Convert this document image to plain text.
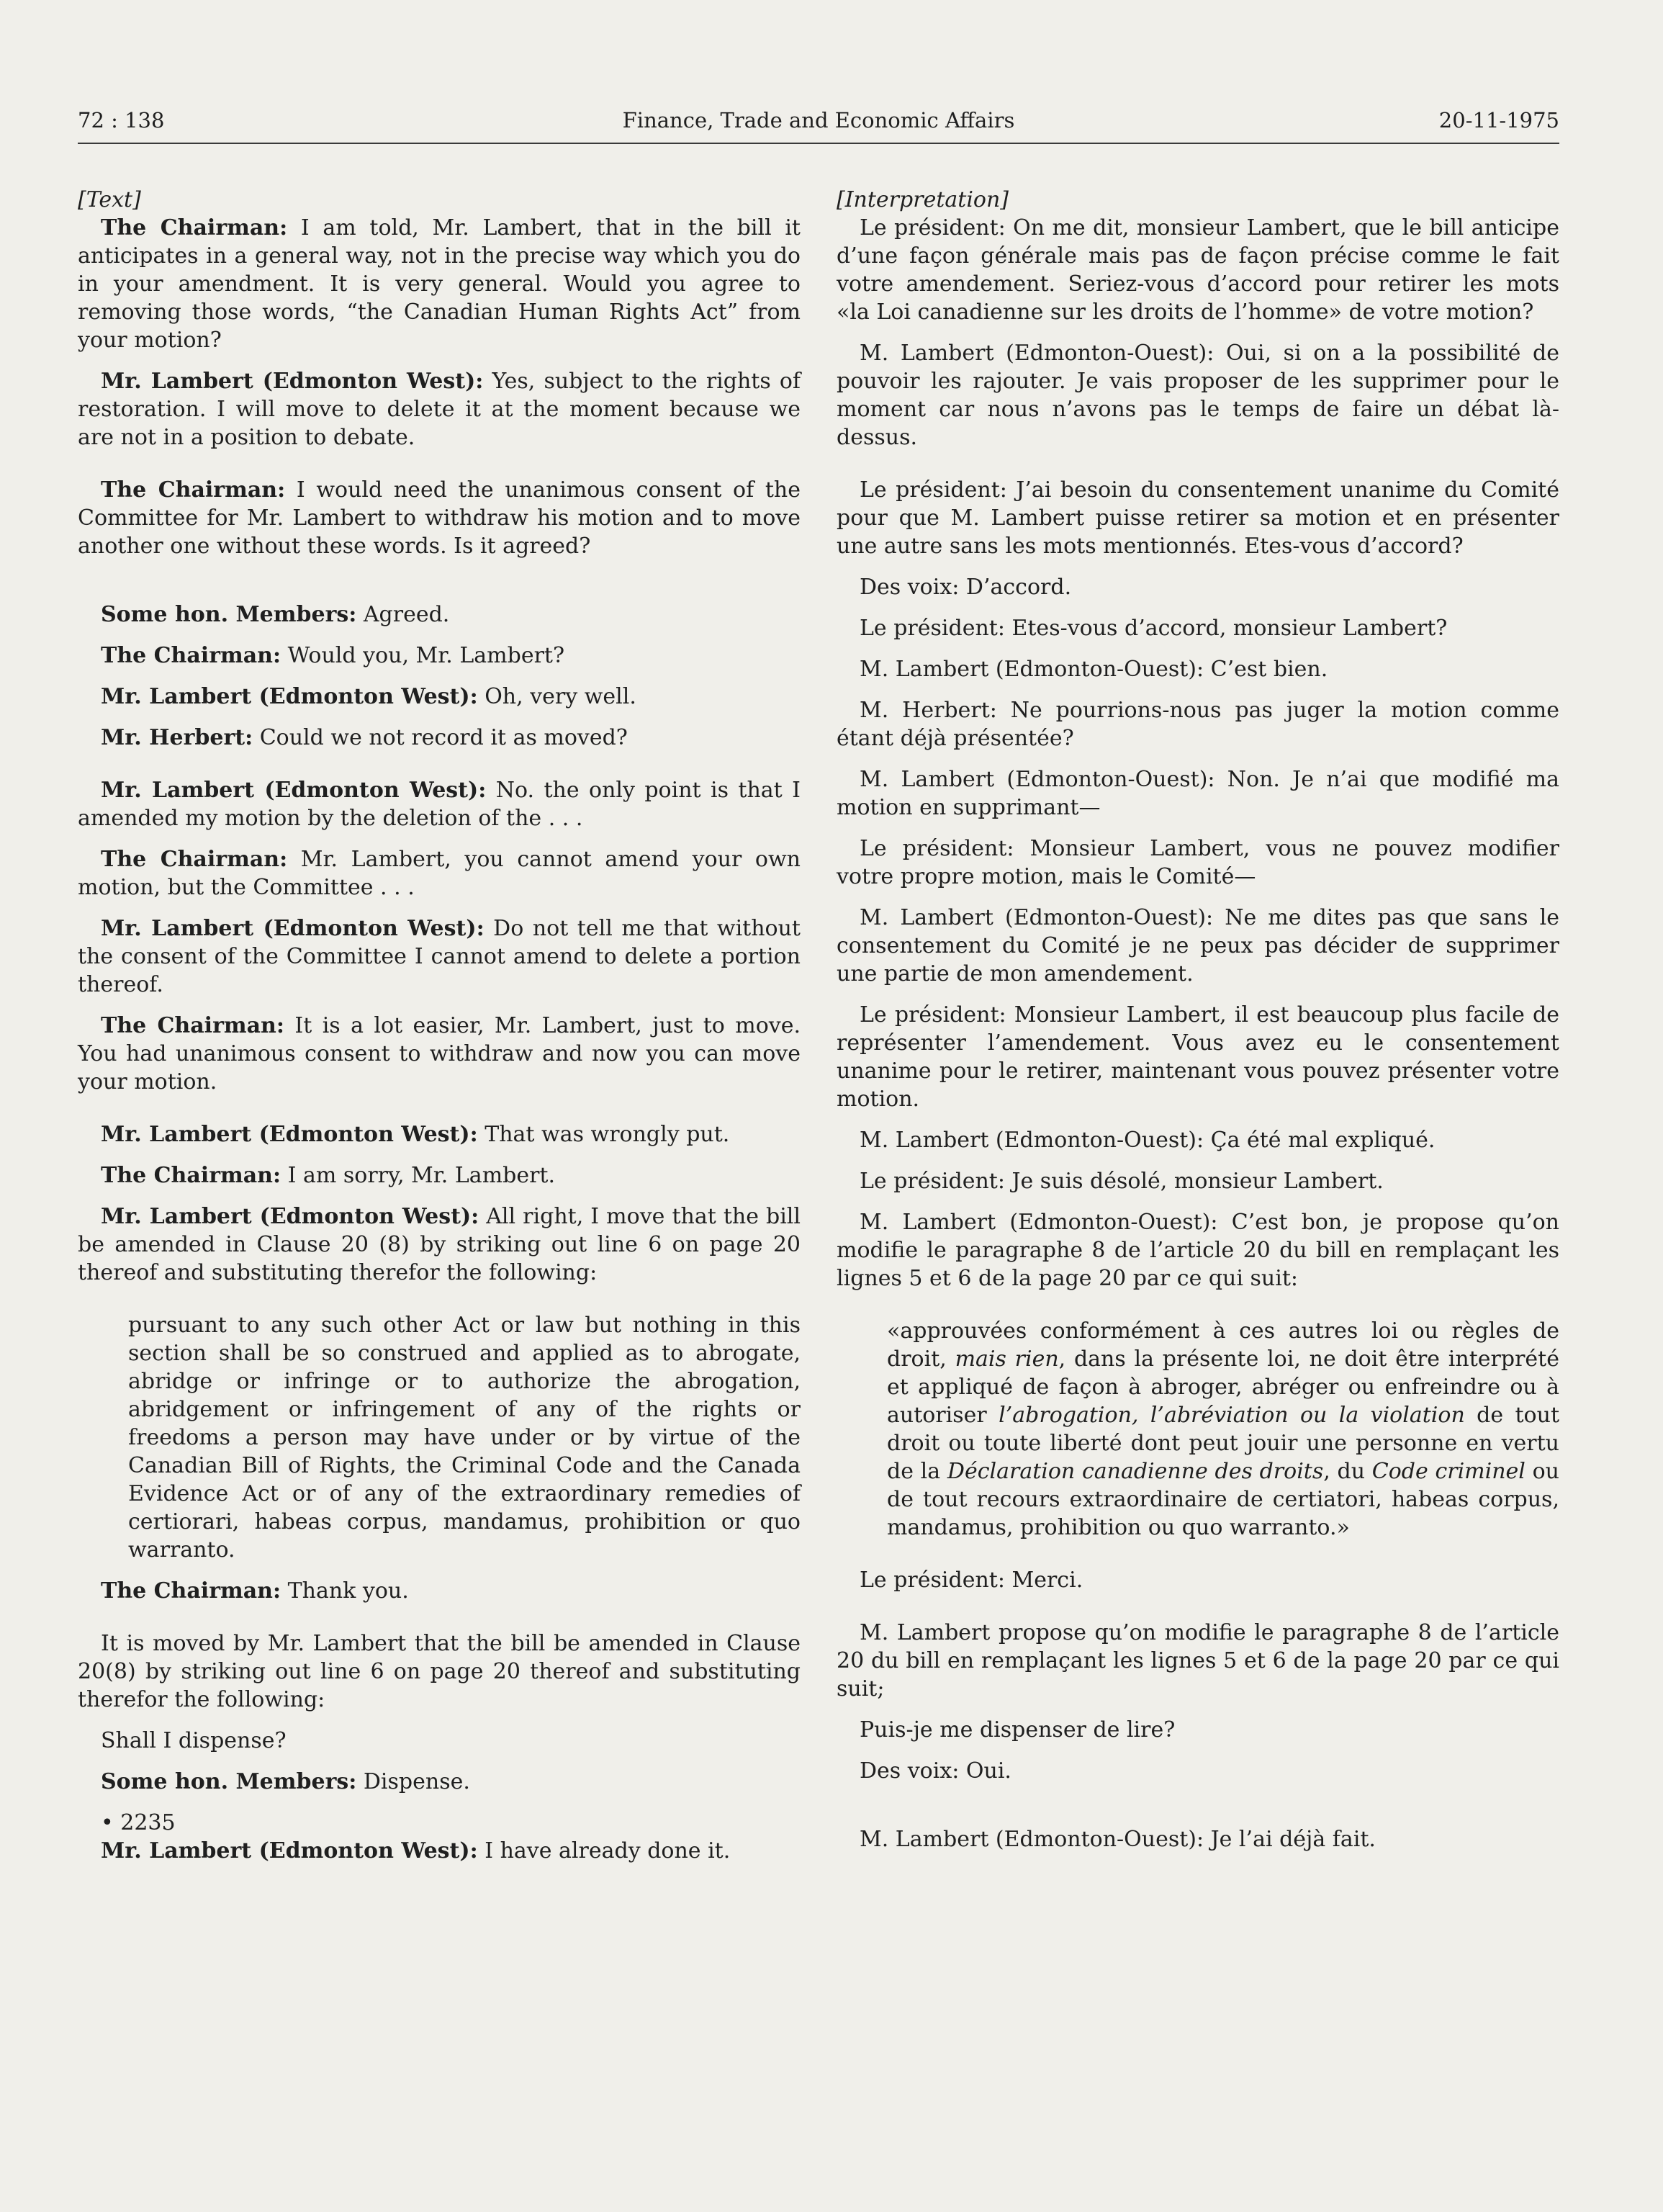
72 : 138	Finance, Trade and Economic Affairs	20-11-1975

[Text]

The Chairman: I am told, Mr. Lambert, that in the bill it anticipates in a general way, not in the precise way which you do in your amendment. It is very general. Would you agree to removing those words, “the Canadian Human Rights Act” from your motion?

Mr. Lambert (Edmonton West): Yes, subject to the rights of restoration. I will move to delete it at the moment because we are not in a position to debate.

The Chairman: I would need the unanimous consent of the Committee for Mr. Lambert to withdraw his motion and to move another one without these words. Is it agreed?

Some hon. Members: Agreed.

The Chairman: Would you, Mr. Lambert?

Mr. Lambert (Edmonton West): Oh, very well.

Mr. Herbert: Could we not record it as moved?

Mr. Lambert (Edmonton West): No. the only point is that I amended my motion by the deletion of the . . .

The Chairman: Mr. Lambert, you cannot amend your own motion, but the Committee . . .

Mr. Lambert (Edmonton West): Do not tell me that without the consent of the Committee I cannot amend to delete a portion thereof.

The Chairman: It is a lot easier, Mr. Lambert, just to move. You had unanimous consent to withdraw and now you can move your motion.

Mr. Lambert (Edmonton West): That was wrongly put.

The Chairman: I am sorry, Mr. Lambert.

Mr. Lambert (Edmonton West): All right, I move that the bill be amended in Clause 20 (8) by striking out line 6 on page 20 thereof and substituting therefor the following:

pursuant to any such other Act or law but nothing in this section shall be so construed and applied as to abrogate, abridge or infringe or to authorize the abrogation, abridgement or infringement of any of the rights or freedoms a person may have under or by virtue of the Canadian Bill of Rights, the Criminal Code and the Canada Evidence Act or of any of the extraordinary remedies of certiorari, habeas corpus, mandamus, prohibition or quo warranto.

The Chairman: Thank you.

It is moved by Mr. Lambert that the bill be amended in Clause 20(8) by striking out line 6 on page 20 thereof and substituting therefor the following:

Shall I dispense?

Some hon. Members: Dispense.

• 2235

Mr. Lambert (Edmonton West): I have already done it.

[Interpretation]

Le président: On me dit, monsieur Lambert, que le bill anticipe d’une façon générale mais pas de façon précise comme le fait votre amendement. Seriez-vous d’accord pour retirer les mots «la Loi canadienne sur les droits de l’homme» de votre motion?

M. Lambert (Edmonton-Ouest): Oui, si on a la possibilité de pouvoir les rajouter. Je vais proposer de les supprimer pour le moment car nous n’avons pas le temps de faire un débat là-dessus.

Le président: J’ai besoin du consentement unanime du Comité pour que M. Lambert puisse retirer sa motion et en présenter une autre sans les mots mentionnés. Etes-vous d’accord?

Des voix: D’accord.

Le président: Etes-vous d’accord, monsieur Lambert?

M. Lambert (Edmonton-Ouest): C’est bien.

M. Herbert: Ne pourrions-nous pas juger la motion comme étant déjà présentée?

M. Lambert (Edmonton-Ouest): Non. Je n’ai que modifié ma motion en supprimant—

Le président: Monsieur Lambert, vous ne pouvez modifier votre propre motion, mais le Comité—

M. Lambert (Edmonton-Ouest): Ne me dites pas que sans le consentement du Comité je ne peux pas décider de supprimer une partie de mon amendement.

Le président: Monsieur Lambert, il est beaucoup plus facile de représenter l’amendement. Vous avez eu le consentement unanime pour le retirer, maintenant vous pouvez présenter votre motion.

M. Lambert (Edmonton-Ouest): Ça été mal expliqué.

Le président: Je suis désolé, monsieur Lambert.

M. Lambert (Edmonton-Ouest): C’est bon, je propose qu’on modifie le paragraphe 8 de l’article 20 du bill en remplaçant les lignes 5 et 6 de la page 20 par ce qui suit:

«approuvées conformément à ces autres loi ou règles de droit, mais rien, dans la présente loi, ne doit être interprété et appliqué de façon à abroger, abréger ou enfreindre ou à autoriser l’abrogation, l’abréviation ou la violation de tout droit ou toute liberté dont peut jouir une personne en vertu de la Déclaration canadienne des droits, du Code criminel ou de tout recours extraordinaire de certiatori, habeas corpus, mandamus, prohibition ou quo warranto.»

Le président: Merci.

M. Lambert propose qu’on modifie le paragraphe 8 de l’article 20 du bill en remplaçant les lignes 5 et 6 de la page 20 par ce qui suit;

Puis-je me dispenser de lire?

Des voix: Oui.

M. Lambert (Edmonton-Ouest): Je l’ai déjà fait.
